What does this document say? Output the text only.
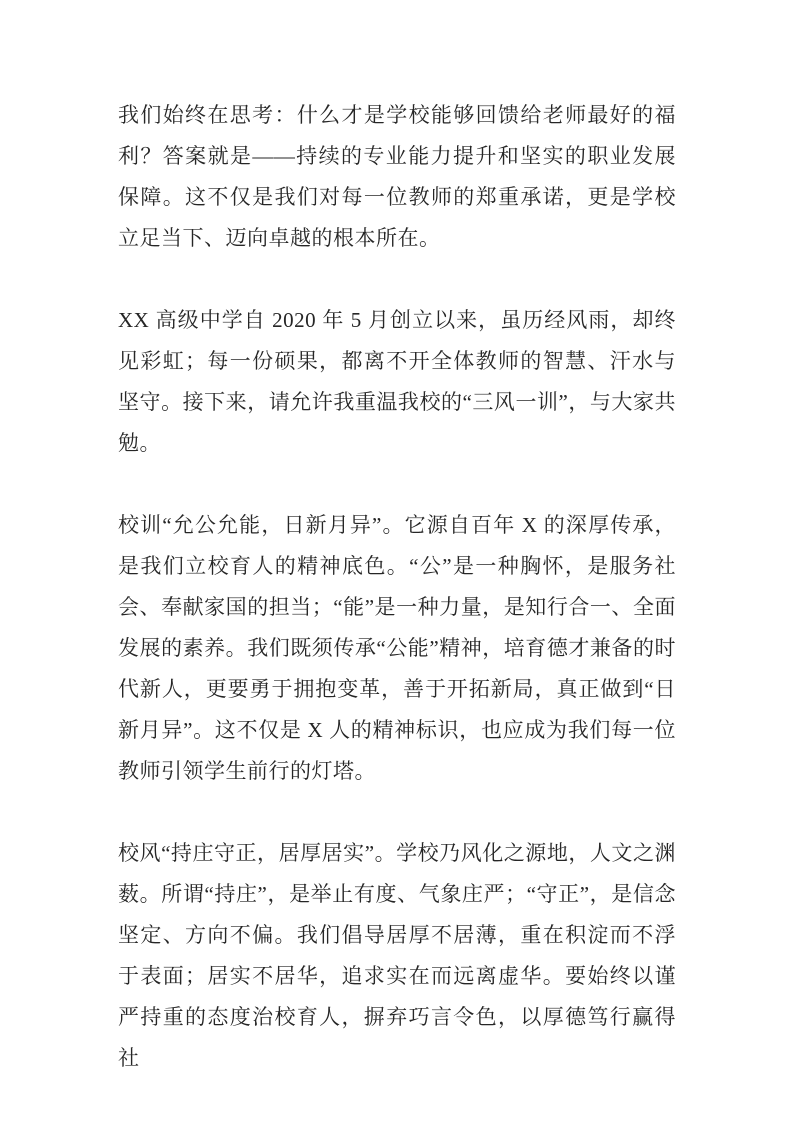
我们始终在思考：什么才是学校能够回馈给老师最好的福利？答案就是——持续的专业能力提升和坚实的职业发展保障。这不仅是我们对每一位教师的郑重承诺，更是学校立足当下、迈向卓越的根本所在。

XX 高级中学自 2020 年 5 月创立以来，虽历经风雨，却终见彩虹；每一份硕果，都离不开全体教师的智慧、汗水与坚守。接下来，请允许我重温我校的“三风一训”，与大家共勉。

校训“允公允能，日新月异”。它源自百年 X 的深厚传承，是我们立校育人的精神底色。“公”是一种胸怀，是服务社会、奉献家国的担当；“能”是一种力量，是知行合一、全面发展的素养。我们既须传承“公能”精神，培育德才兼备的时代新人，更要勇于拥抱变革，善于开拓新局，真正做到“日新月异”。这不仅是 X 人的精神标识，也应成为我们每一位教师引领学生前行的灯塔。

校风“持庄守正，居厚居实”。学校乃风化之源地，人文之渊薮。所谓“持庄”，是举止有度、气象庄严；“守正”，是信念坚定、方向不偏。我们倡导居厚不居薄，重在积淀而不浮于表面；居实不居华，追求实在而远离虚华。要始终以谨严持重的态度治校育人，摒弃巧言令色，以厚德笃行赢得社
